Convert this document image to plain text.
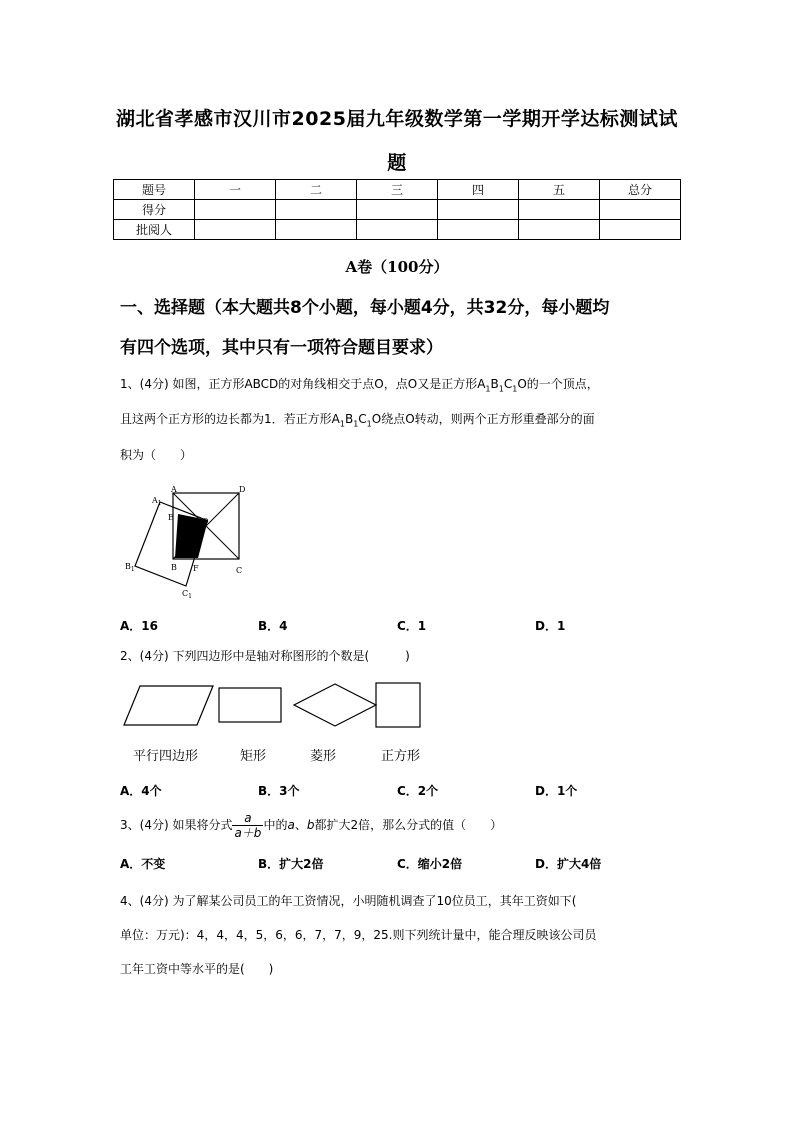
湖北省孝感市汉川市2025届九年级数学第一学期开学达标测试试
题
题号	一	二	三	四	五	总分
得分						
批阅人						
A卷（100分）
一、选择题（本大题共8个小题，每小题4分，共32分，每小题均
有四个选项，其中只有一项符合题目要求）
1、(4分) 如图，正方形ABCD的对角线相交于点O，点O又是正方形$A_1B_1C_1O$的一个顶点，
且这两个正方形的边长都为1．若正方形$A_1B_1C_1O$绕点O转动，则两个正方形重叠部分的面
积为（　　）
$A_1$
A	D
E	O
$B_1$	B F	C
$C_1$
A．16	B．4	C．1	D．1
2、(4分) 下列四边形中是轴对称图形的个数是(　　　)
平行四边形	矩形	菱形	正方形
A．4个	B．3个	C．2个	D．1个
3、(4分) 如果将分式 $\frac{a}{a+b}$ 中的a、b都扩大2倍，那么分式的值（　　）
A．不变	B．扩大2倍	C．缩小2倍	D．扩大4倍
4、(4分) 为了解某公司员工的年工资情况，小明随机调查了10位员工，其年工资如下(
单位：万元)：4，4，4，5，6，6，7，7，9，25.则下列统计量中，能合理反映该公司员
工年工资中等水平的是(　　)
